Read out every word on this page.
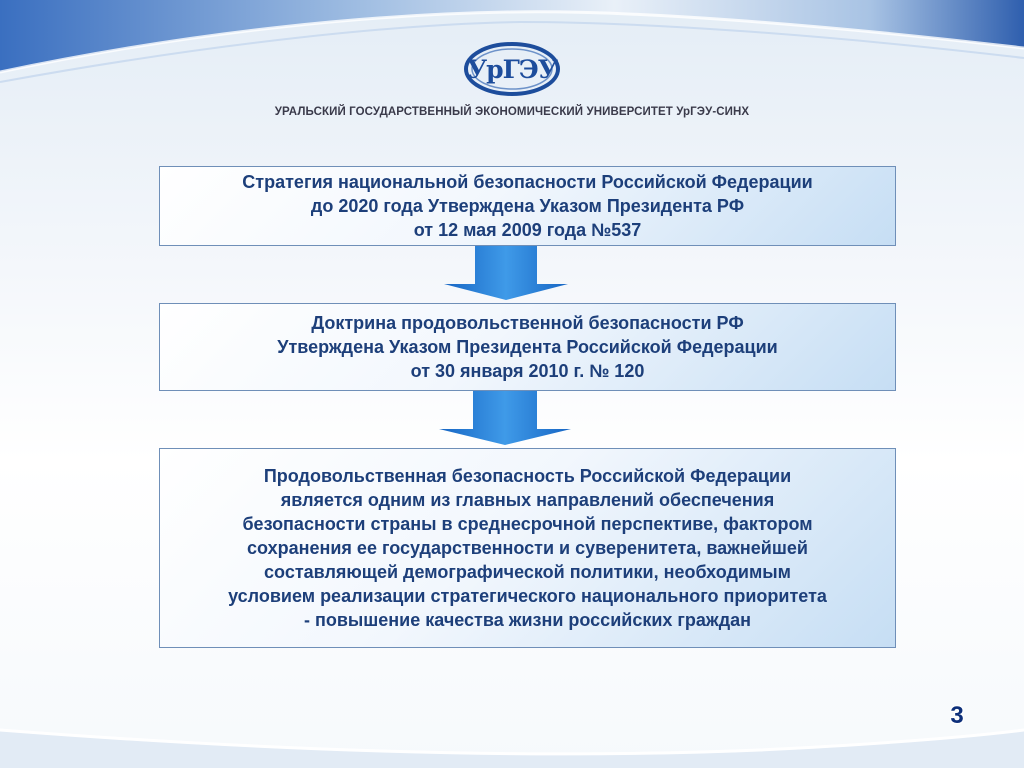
УрГЭУ
УРАЛЬСКИЙ ГОСУДАРСТВЕННЫЙ ЭКОНОМИЧЕСКИЙ УНИВЕРСИТЕТ УрГЭУ-СИНХ
Стратегия национальной безопасности Российской Федерации
до 2020 года Утверждена Указом Президента РФ
от 12 мая 2009 года №537
Доктрина продовольственной безопасности РФ
Утверждена Указом Президента Российской Федерации
от 30 января 2010 г. № 120
Продовольственная безопасность Российской Федерации
является одним из главных направлений обеспечения
безопасности страны в среднесрочной перспективе, фактором
сохранения ее государственности и суверенитета, важнейшей
составляющей демографической политики, необходимым
условием реализации стратегического национального приоритета
- повышение качества жизни российских граждан
3
